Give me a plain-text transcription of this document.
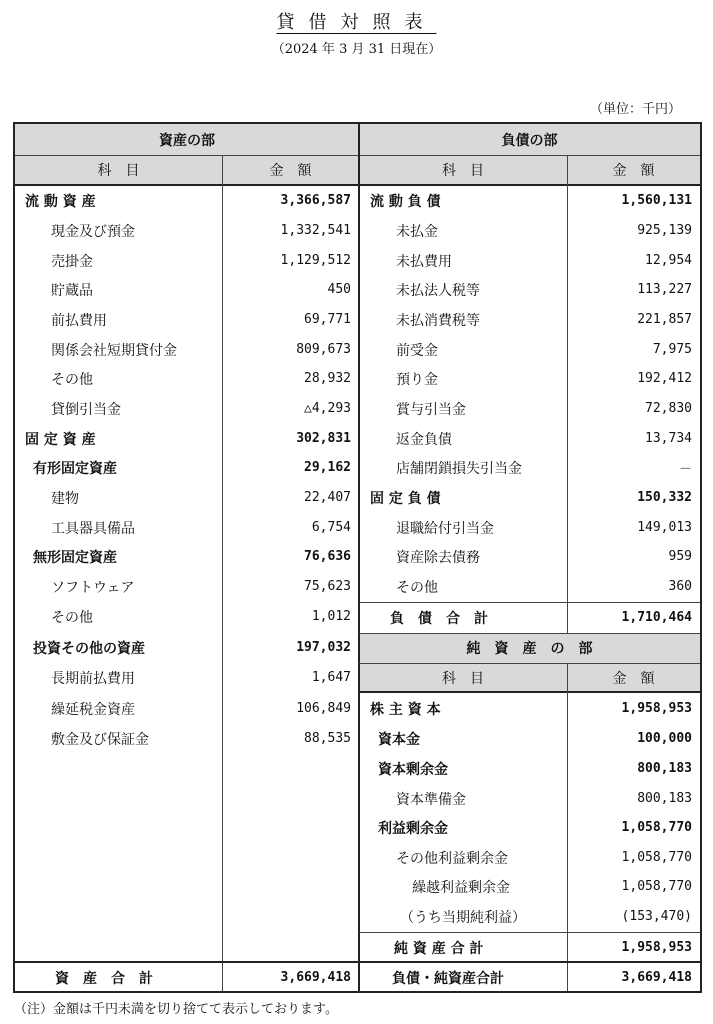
貸借対照表
（2024 年 3 月 31 日現在）
（単位：千円）
資産の部	負債の部
科　目	金　額	科　目	金　額
純　資　産　の　部
科　目	金　額
流 動 資 産	3,366,587
現金及び預金	1,332,541
売掛金	1,129,512
貯蔵品	450
前払費用	69,771
関係会社短期貸付金	809,673
その他	28,932
貸倒引当金	△4,293
固 定 資 産	302,831
有形固定資産	29,162
建物	22,407
工具器具備品	6,754
無形固定資産	76,636
ソフトウェア	75,623
その他	1,012
投資その他の資産	197,032
長期前払費用	1,647
繰延税金資産	106,849
敷金及び保証金	88,535
流 動 負 債	1,560,131
未払金	925,139
未払費用	12,954
未払法人税等	113,227
未払消費税等	221,857
前受金	7,975
預り金	192,412
賞与引当金	72,830
返金負債	13,734
店舗閉鎖損失引当金	－
固 定 負 債	150,332
退職給付引当金	149,013
資産除去債務	959
その他	360
負　債　合　計	1,710,464
株 主 資 本	1,958,953
資本金	100,000
資本剰余金	800,183
資本準備金	800,183
利益剰余金	1,058,770
その他利益剰余金	1,058,770
繰越利益剰余金	1,058,770
（うち当期純利益）	(153,470)
純 資 産 合 計	1,958,953
資　産　合　計	3,669,418	負債・純資産合計	3,669,418
（注）金額は千円未満を切り捨てて表示しております。
